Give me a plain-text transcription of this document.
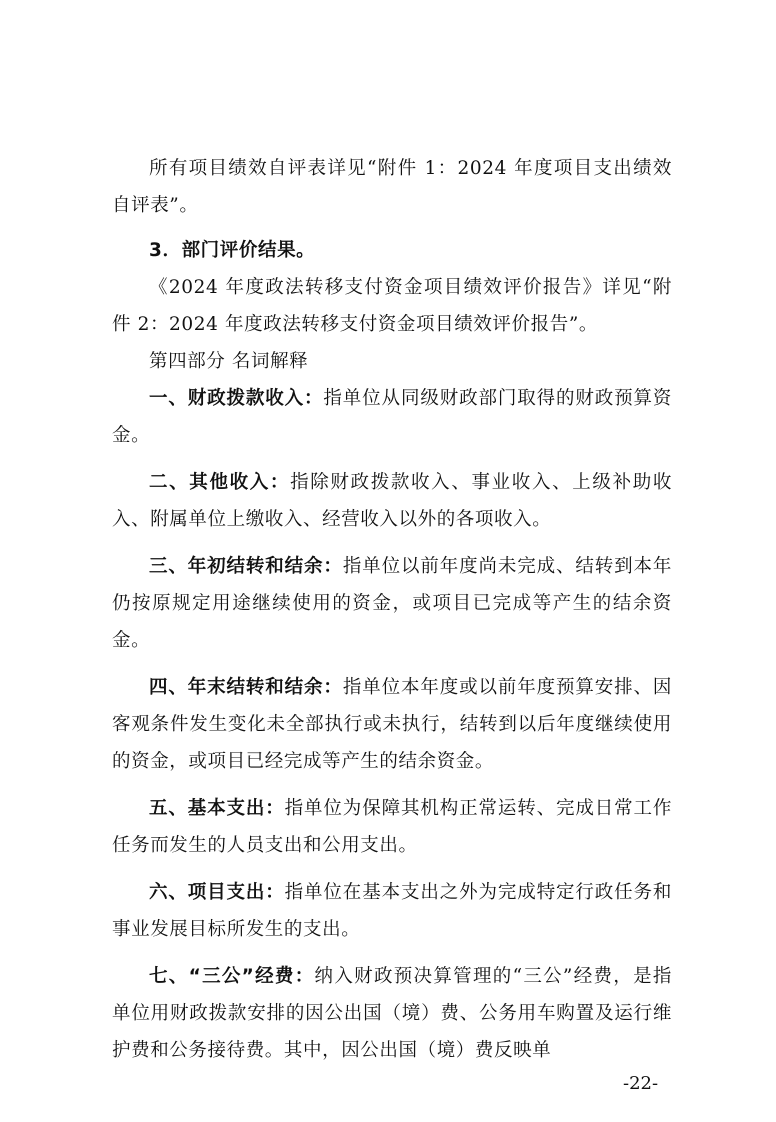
所有项目绩效自评表详见“附件 1：2024 年度项目支出绩效自评表”。

3．部门评价结果。

《2024 年度政法转移支付资金项目绩效评价报告》详见“附件 2：2024 年度政法转移支付资金项目绩效评价报告”。

第四部分 名词解释

一、财政拨款收入：指单位从同级财政部门取得的财政预算资金。

二、其他收入：指除财政拨款收入、事业收入、上级补助收入、附属单位上缴收入、经营收入以外的各项收入。

三、年初结转和结余：指单位以前年度尚未完成、结转到本年仍按原规定用途继续使用的资金，或项目已完成等产生的结余资金。

四、年末结转和结余：指单位本年度或以前年度预算安排、因客观条件发生变化未全部执行或未执行，结转到以后年度继续使用的资金，或项目已经完成等产生的结余资金。

五、基本支出：指单位为保障其机构正常运转、完成日常工作任务而发生的人员支出和公用支出。

六、项目支出：指单位在基本支出之外为完成特定行政任务和事业发展目标所发生的支出。

七、“三公”经费：纳入财政预决算管理的“三公”经费，是指单位用财政拨款安排的因公出国（境）费、公务用车购置及运行维护费和公务接待费。其中，因公出国（境）费反映单

-22-
